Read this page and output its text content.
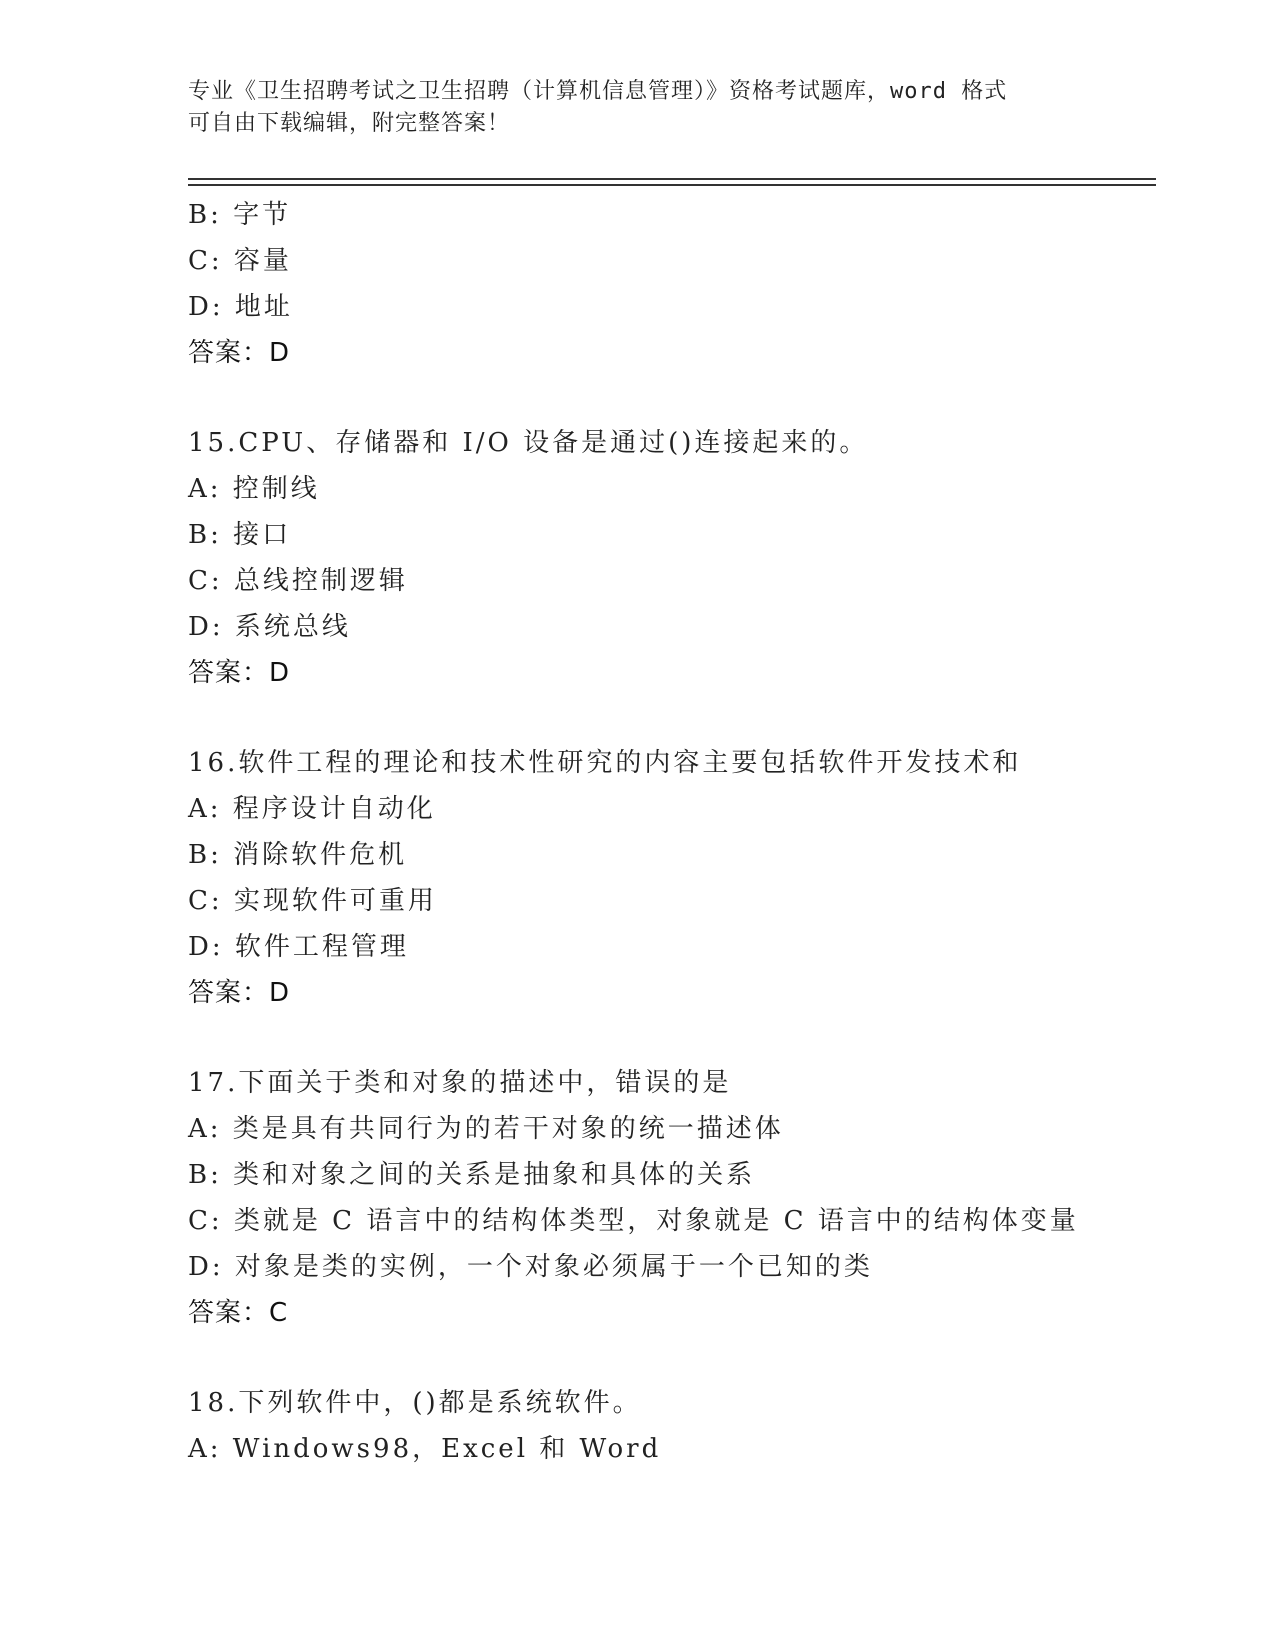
专业《卫生招聘考试之卫生招聘（计算机信息管理）》资格考试题库，word 格式
可自由下载编辑，附完整答案！
B: 字节
C: 容量
D: 地址
答案：D
15.CPU、存储器和 I/O 设备是通过()连接起来的。
A: 控制线
B: 接口
C: 总线控制逻辑
D: 系统总线
答案：D
16.软件工程的理论和技术性研究的内容主要包括软件开发技术和
A: 程序设计自动化
B: 消除软件危机
C: 实现软件可重用
D: 软件工程管理
答案：D
17.下面关于类和对象的描述中，错误的是
A: 类是具有共同行为的若干对象的统一描述体
B: 类和对象之间的关系是抽象和具体的关系
C: 类就是 C 语言中的结构体类型，对象就是 C 语言中的结构体变量
D: 对象是类的实例，一个对象必须属于一个已知的类
答案：C
18.下列软件中，()都是系统软件。
A: Windows98，Excel 和 Word
